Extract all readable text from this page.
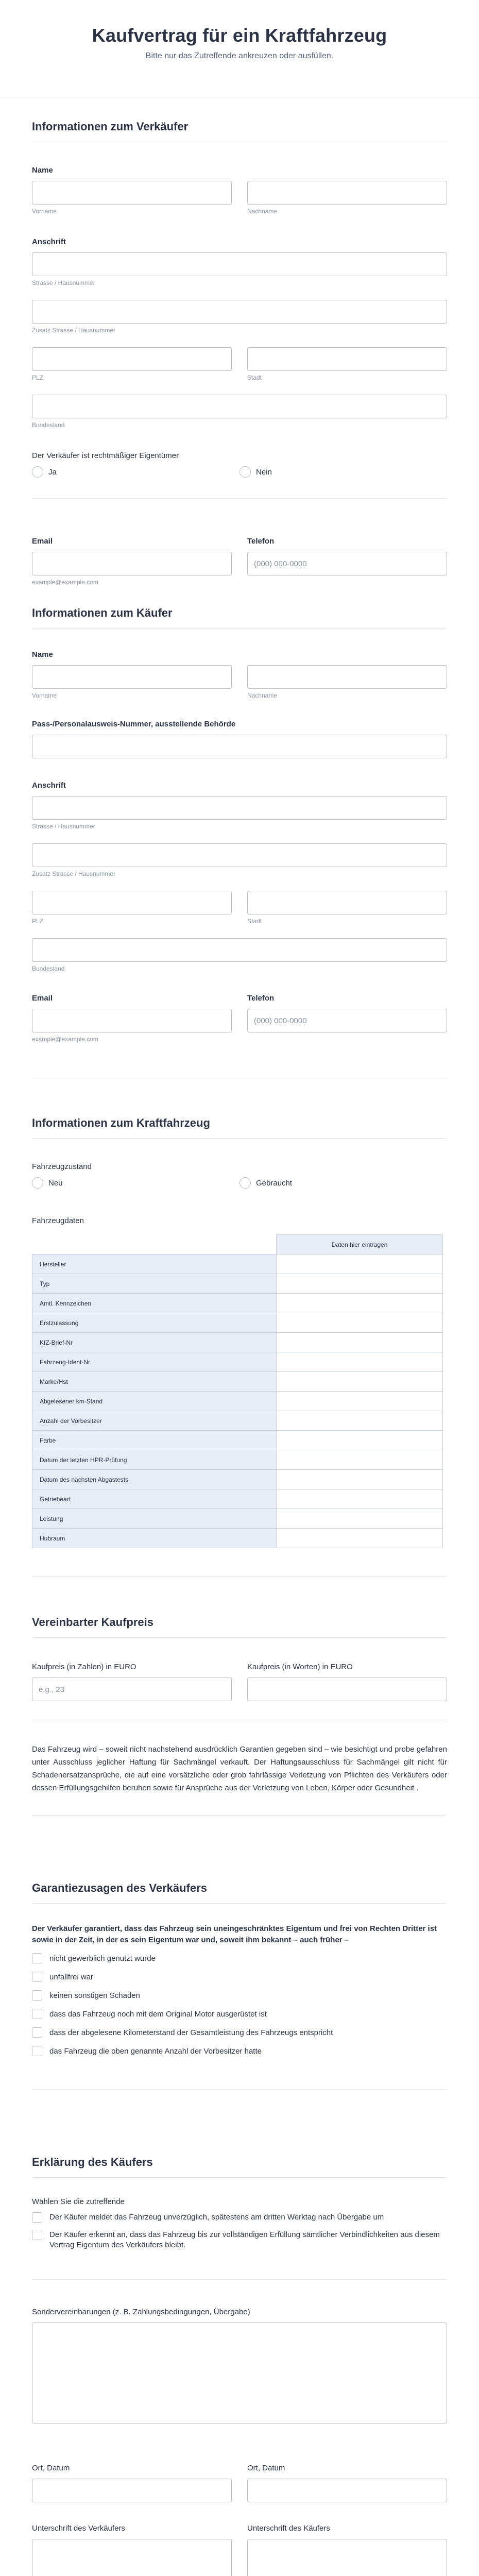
Kaufvertrag für ein Kraftfahrzeug

Bitte nur das Zutreffende ankreuzen oder ausfüllen.

Informationen zum Verkäufer
Name
Vorname	Nachname
Anschrift
Strasse / Hausnummer
Zusatz Strasse / Hausnummer
PLZ	Stadt
Bundesland
Der Verkäufer ist rechtmäßiger Eigentümer
Ja	Nein
Email
example@example.com
Telefon
(000) 000-0000
Informationen zum Käufer
Name
Vorname	Nachname
Pass-/Personalausweis-Nummer, ausstellende Behörde
Anschrift
Strasse / Hausnummer
Zusatz Strasse / Hausnummer
PLZ	Stadt
Bundesland
Email
example@example.com
Telefon
(000) 000-0000
Informationen zum Kraftfahrzeug
Fahrzeugzustand
Neu	Gebraucht
Fahrzeugdaten
	Daten hier eintragen
Hersteller	
Typ	
Amtl. Kennzeichen	
Erstzulassung	
KfZ-Brief-Nr	
Fahrzeug-Ident-Nr.	
Marke/Hst	
Abgelesener km-Stand	
Anzahl der Vorbesitzer	
Farbe	
Datum der letzten HPR-Prüfung	
Datum des nächsten Abgastests	
Getriebeart	
Leistung	
Hubraum	
Vereinbarter Kaufpreis
Kaufpreis (in Zahlen) in EURO
e.g., 23
Kaufpreis (in Worten) in EURO

Das Fahrzeug wird – soweit nicht nachstehend ausdrücklich Garantien gegeben sind – wie besichtigt und probe gefahren unter Ausschluss jeglicher Haftung für Sachmängel verkauft. Der Haftungsausschluss für Sachmängel gilt nicht für Schadenersatzansprüche, die auf eine vorsätzliche oder grob fahrlässige Verletzung von Pflichten des Verkäufers oder dessen Erfüllungsgehilfen beruhen sowie für Ansprüche aus der Verletzung von Leben, Körper oder Gesundheit .

Garantiezusagen des Verkäufers

Der Verkäufer garantiert, dass das Fahrzeug sein uneingeschränktes Eigentum und frei von Rechten Dritter ist sowie in der Zeit, in der es sein Eigentum war und, soweit ihm bekannt – auch früher –

nicht gewerblich genutzt wurde
unfallfrei war
keinen sonstigen Schaden
dass das Fahrzeug noch mit dem Original Motor ausgerüstet ist
dass der abgelesene Kilometerstand der Gesamtleistung des Fahrzeugs entspricht
das Fahrzeug die oben genannte Anzahl der Vorbesitzer hatte
Erklärung des Käufers
Wählen Sie die zutreffende
Der Käufer meldet das Fahrzeug unverzüglich, spätestens am dritten Werktag nach Übergabe um
Der Käufer erkennt an, dass das Fahrzeug bis zur vollständigen Erfüllung sämtlicher Verbindlichkeiten aus diesem Vertrag Eigentum des Verkäufers bleibt.
Sondervereinbarungen (z. B. Zahlungsbedingungen, Übergabe)
Ort, Datum	Ort, Datum
Unterschrift des Verkäufers	Unterschrift des Käufers
